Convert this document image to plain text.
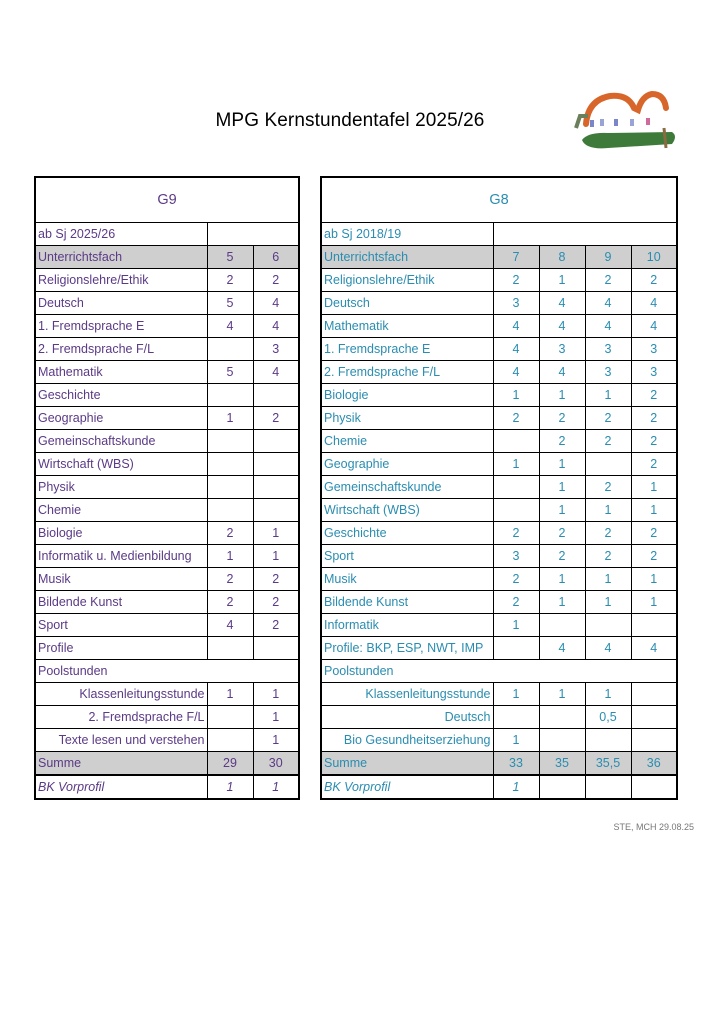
MPG Kernstundentafel 2025/26
G9		
ab Sj 2025/26		
Unterrichtsfach	5	6
Religionslehre/Ethik	2	2
Deutsch	5	4
1. Fremdsprache E	4	4
2. Fremdsprache F/L		3
Mathematik	5	4
Geschichte		
Geographie	1	2
Gemeinschaftskunde		
Wirtschaft (WBS)		
Physik		
Chemie		
Biologie	2	1
Informatik u. Medienbildung	1	1
Musik	2	2
Bildende Kunst	2	2
Sport	4	2
Profile		
Poolstunden		
Klassenleitungsstunde	1	1
2. Fremdsprache F/L		1
Texte lesen und verstehen		1
Summe	29	30
BK Vorprofil	1	1
G8				
ab Sj 2018/19				
Unterrichtsfach	7	8	9	10
Religionslehre/Ethik	2	1	2	2
Deutsch	3	4	4	4
Mathematik	4	4	4	4
1. Fremdsprache E	4	3	3	3
2. Fremdsprache F/L	4	4	3	3
Biologie	1	1	1	2
Physik	2	2	2	2
Chemie		2	2	2
Geographie	1	1		2
Gemeinschaftskunde		1	2	1
Wirtschaft (WBS)		1	1	1
Geschichte	2	2	2	2
Sport	3	2	2	2
Musik	2	1	1	1
Bildende Kunst	2	1	1	1
Informatik	1			
Profile: BKP, ESP, NWT, IMP		4	4	4
Poolstunden				
Klassenleitungsstunde	1	1	1	
Deutsch			0,5	
Bio Gesundheitserziehung	1			
Summe	33	35	35,5	36
BK Vorprofil	1			
STE, MCH 29.08.25
